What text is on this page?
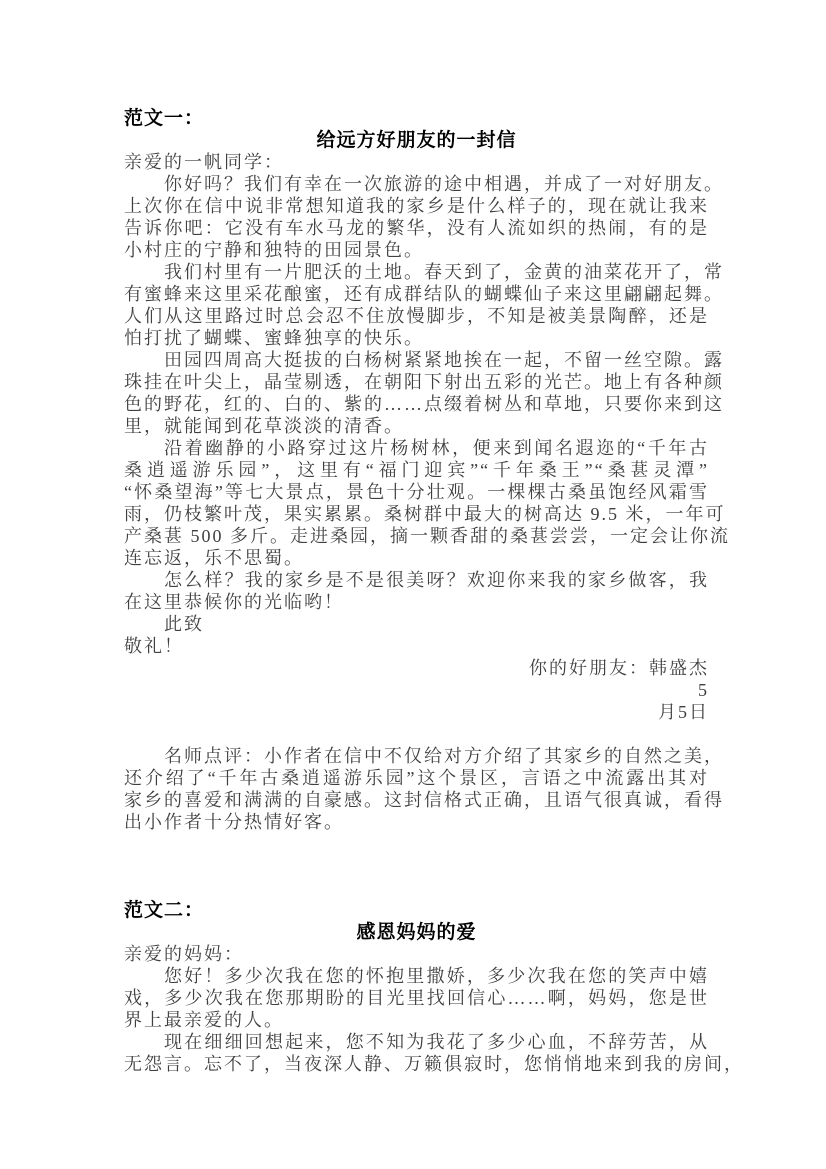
范文一：
给远方好朋友的一封信
亲爱的一帆同学：
你好吗？我们有幸在一次旅游的途中相遇，并成了一对好朋友。
上次你在信中说非常想知道我的家乡是什么样子的，现在就让我来
告诉你吧：它没有车水马龙的繁华，没有人流如织的热闹，有的是
小村庄的宁静和独特的田园景色。
我们村里有一片肥沃的土地。春天到了，金黄的油菜花开了，常
有蜜蜂来这里采花酿蜜，还有成群结队的蝴蝶仙子来这里翩翩起舞。
人们从这里路过时总会忍不住放慢脚步，不知是被美景陶醉，还是
怕打扰了蝴蝶、蜜蜂独享的快乐。
田园四周高大挺拔的白杨树紧紧地挨在一起，不留一丝空隙。露
珠挂在叶尖上，晶莹剔透，在朝阳下射出五彩的光芒。地上有各种颜
色的野花，红的、白的、紫的……点缀着树丛和草地，只要你来到这
里，就能闻到花草淡淡的清香。
沿着幽静的小路穿过这片杨树林，便来到闻名遐迩的“千年古
桑逍遥游乐园”，这里有“福门迎宾”“千年桑王”“桑葚灵潭”
“怀桑望海”等七大景点，景色十分壮观。一棵棵古桑虽饱经风霜雪
雨，仍枝繁叶茂，果实累累。桑树群中最大的树高达 9.5 米，一年可
产桑葚 500 多斤。走进桑园，摘一颗香甜的桑葚尝尝，一定会让你流
连忘返，乐不思蜀。
怎么样？我的家乡是不是很美呀？欢迎你来我的家乡做客，我
在这里恭候你的光临哟！
此致
敬礼！
你的好朋友：韩盛杰
5
月5日
名师点评：小作者在信中不仅给对方介绍了其家乡的自然之美，
还介绍了“千年古桑逍遥游乐园”这个景区，言语之中流露出其对
家乡的喜爱和满满的自豪感。这封信格式正确，且语气很真诚，看得
出小作者十分热情好客。
范文二：
感恩妈妈的爱
亲爱的妈妈：
您好！多少次我在您的怀抱里撒娇，多少次我在您的笑声中嬉
戏，多少次我在您那期盼的目光里找回信心……啊，妈妈，您是世
界上最亲爱的人。
现在细细回想起来，您不知为我花了多少心血，不辞劳苦，从
无怨言。忘不了，当夜深人静、万籁俱寂时，您悄悄地来到我的房间，
